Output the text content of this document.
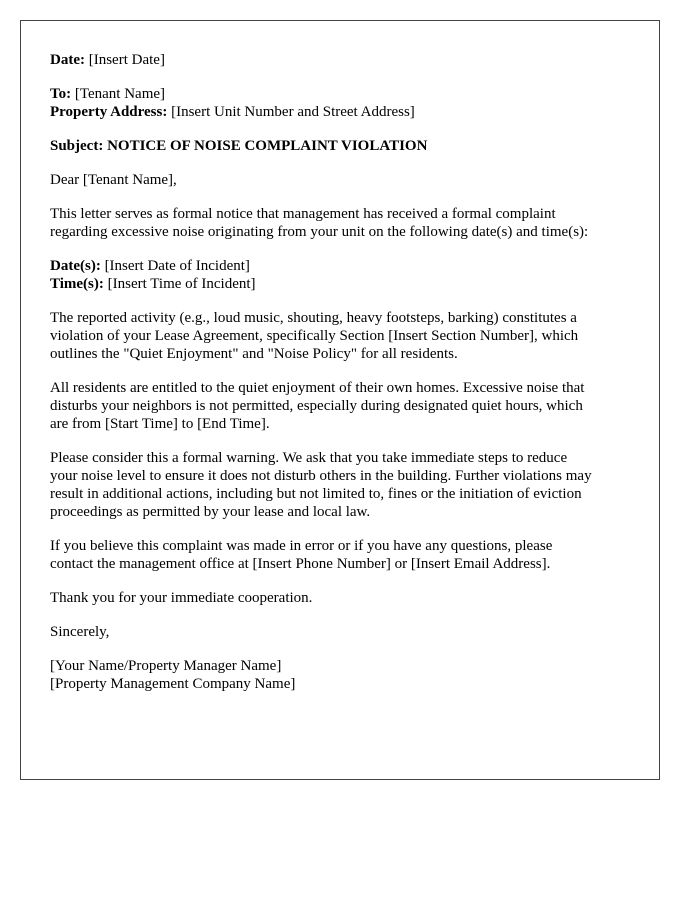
Date: [Insert Date]

To: [Tenant Name]

Property Address: [Insert Unit Number and Street Address]

Subject: NOTICE OF NOISE COMPLAINT VIOLATION

Dear [Tenant Name],

This letter serves as formal notice that management has received a formal complaint

regarding excessive noise originating from your unit on the following date(s) and time(s):

Date(s): [Insert Date of Incident]

Time(s): [Insert Time of Incident]

The reported activity (e.g., loud music, shouting, heavy footsteps, barking) constitutes a

violation of your Lease Agreement, specifically Section [Insert Section Number], which

outlines the "Quiet Enjoyment" and "Noise Policy" for all residents.

All residents are entitled to the quiet enjoyment of their own homes. Excessive noise that

disturbs your neighbors is not permitted, especially during designated quiet hours, which

are from [Start Time] to [End Time].

Please consider this a formal warning. We ask that you take immediate steps to reduce

your noise level to ensure it does not disturb others in the building. Further violations may

result in additional actions, including but not limited to, fines or the initiation of eviction

proceedings as permitted by your lease and local law.

If you believe this complaint was made in error or if you have any questions, please

contact the management office at [Insert Phone Number] or [Insert Email Address].

Thank you for your immediate cooperation.

Sincerely,

[Your Name/Property Manager Name]

[Property Management Company Name]
